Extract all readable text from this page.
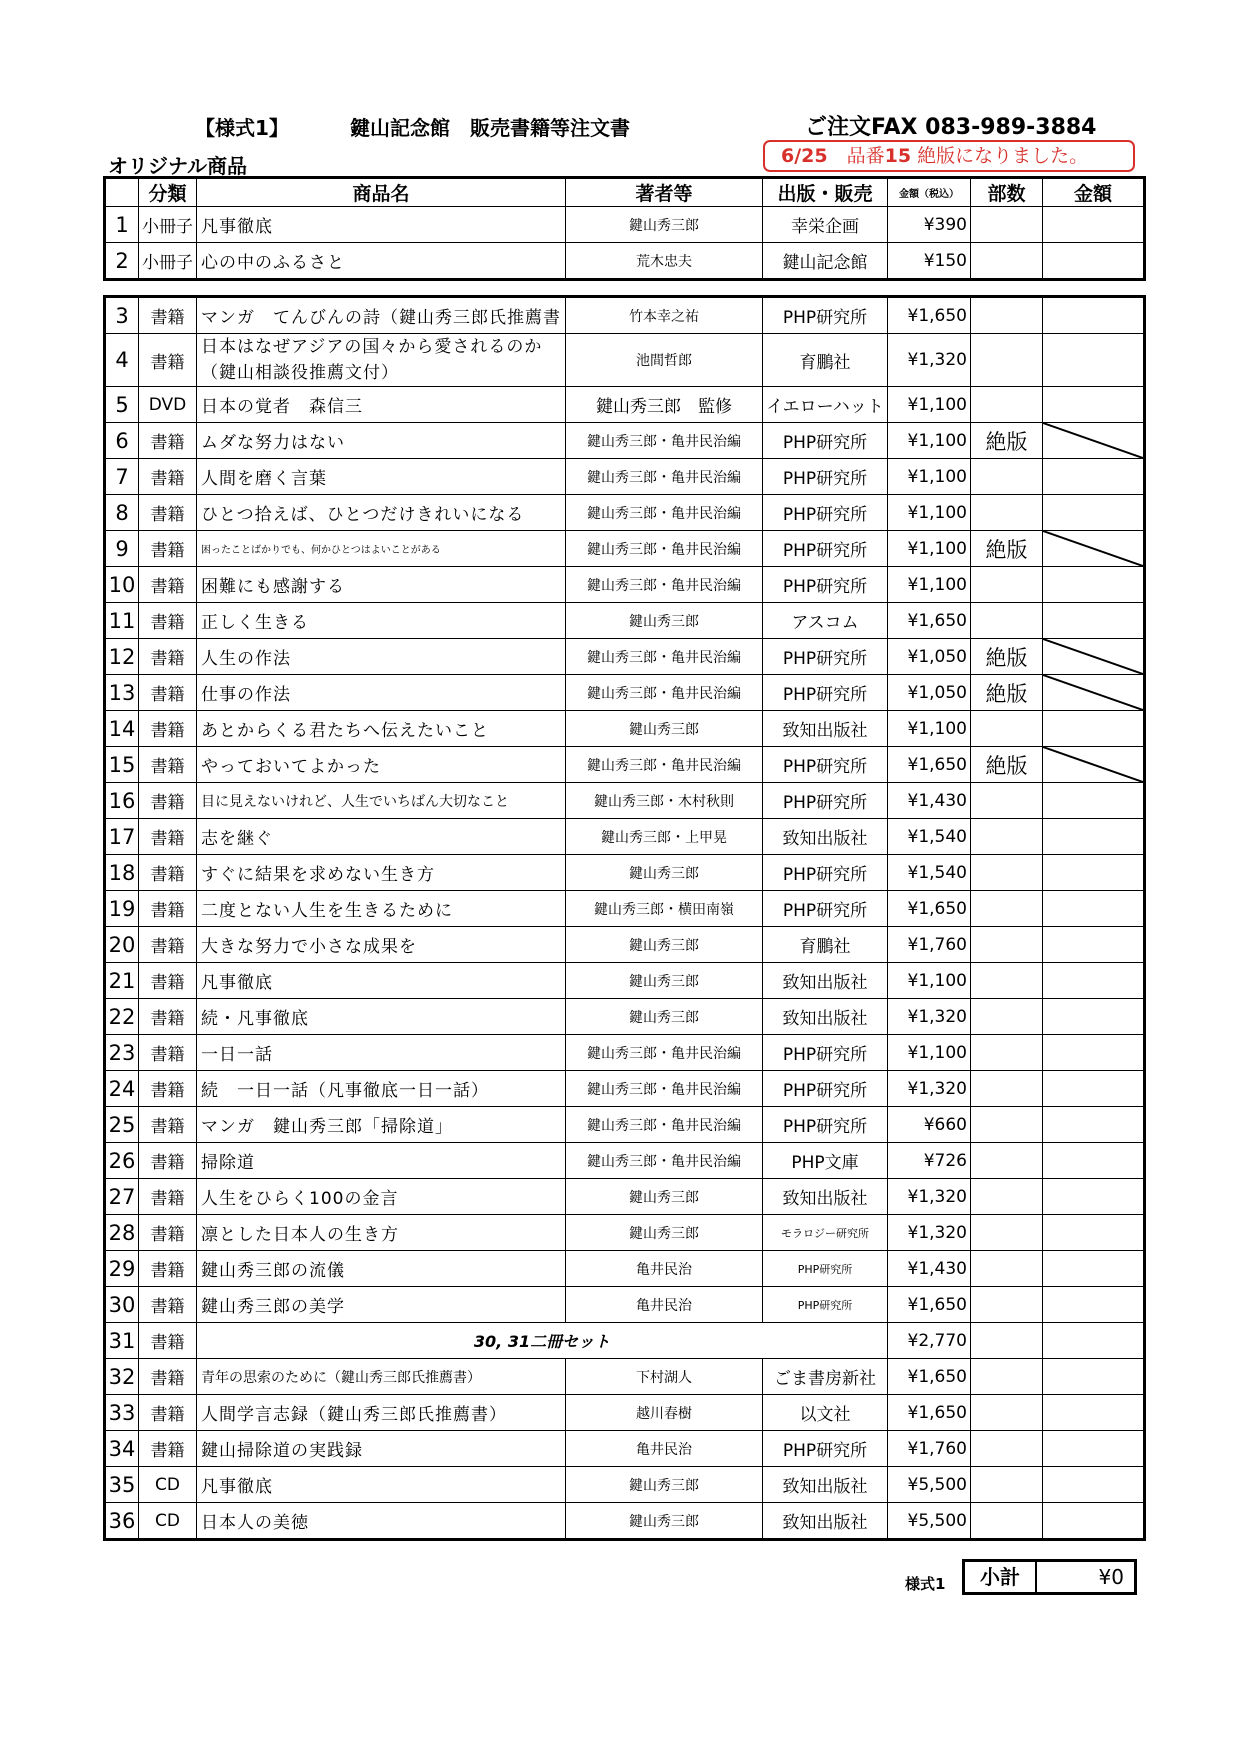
【様式1】	鍵山記念館　販売書籍等注文書	ご注文FAX 083-989-3884
6/25　 品番15 絶版になりました。
オリジナル商品
	分類	商品名	著者等	出版・販売	金額（税込）	部数	金額
1	小冊子	凡事徹底	鍵山秀三郎	幸栄企画	¥390		
2	小冊子	心の中のふるさと	荒木忠夫	鍵山記念館	¥150		
3	書籍	マンガ　てんびんの詩（鍵山秀三郎氏推薦書	竹本幸之祐	PHP研究所	¥1,650		
4	書籍	日本はなぜアジアの国々から愛されるのか
（鍵山相談役推薦文付）	池間哲郎	育鵬社	¥1,320		
5	DVD	日本の覚者　森信三	鍵山秀三郎　監修	イエローハット	¥1,100		
6	書籍	ムダな努力はない	鍵山秀三郎・亀井民治編	PHP研究所	¥1,100	絶版	

7	書籍	人間を磨く言葉	鍵山秀三郎・亀井民治編	PHP研究所	¥1,100		
8	書籍	ひとつ拾えば、ひとつだけきれいになる	鍵山秀三郎・亀井民治編	PHP研究所	¥1,100		
9	書籍	困ったことばかりでも、何かひとつはよいことがある	鍵山秀三郎・亀井民治編	PHP研究所	¥1,100	絶版	

10	書籍	困難にも感謝する	鍵山秀三郎・亀井民治編	PHP研究所	¥1,100		
11	書籍	正しく生きる	鍵山秀三郎	アスコム	¥1,650		
12	書籍	人生の作法	鍵山秀三郎・亀井民治編	PHP研究所	¥1,050	絶版	

13	書籍	仕事の作法	鍵山秀三郎・亀井民治編	PHP研究所	¥1,050	絶版	

14	書籍	あとからくる君たちへ伝えたいこと	鍵山秀三郎	致知出版社	¥1,100		
15	書籍	やっておいてよかった	鍵山秀三郎・亀井民治編	PHP研究所	¥1,650	絶版	

16	書籍	目に見えないけれど、人生でいちばん大切なこと	鍵山秀三郎・木村秋則	PHP研究所	¥1,430		
17	書籍	志を継ぐ	鍵山秀三郎・上甲晃	致知出版社	¥1,540		
18	書籍	すぐに結果を求めない生き方	鍵山秀三郎	PHP研究所	¥1,540		
19	書籍	二度とない人生を生きるために	鍵山秀三郎・横田南嶺	PHP研究所	¥1,650		
20	書籍	大きな努力で小さな成果を	鍵山秀三郎	育鵬社	¥1,760		
21	書籍	凡事徹底	鍵山秀三郎	致知出版社	¥1,100		
22	書籍	続・凡事徹底	鍵山秀三郎	致知出版社	¥1,320		
23	書籍	一日一話	鍵山秀三郎・亀井民治編	PHP研究所	¥1,100		
24	書籍	続　一日一話（凡事徹底一日一話）	鍵山秀三郎・亀井民治編	PHP研究所	¥1,320		
25	書籍	マンガ　鍵山秀三郎「掃除道」	鍵山秀三郎・亀井民治編	PHP研究所	¥660		
26	書籍	掃除道	鍵山秀三郎・亀井民治編	PHP文庫	¥726		
27	書籍	人生をひらく100の金言	鍵山秀三郎	致知出版社	¥1,320		
28	書籍	凛とした日本人の生き方	鍵山秀三郎	モラロジー研究所	¥1,320		
29	書籍	鍵山秀三郎の流儀	亀井民治	PHP研究所	¥1,430		
30	書籍	鍵山秀三郎の美学	亀井民治	PHP研究所	¥1,650		
31	書籍	30, 31二冊セット			¥2,770		
32	書籍	青年の思索のために（鍵山秀三郎氏推薦書）	下村湖人	ごま書房新社	¥1,650		
33	書籍	人間学言志録（鍵山秀三郎氏推薦書）	越川春樹	以文社	¥1,650		
34	書籍	鍵山掃除道の実践録	亀井民治	PHP研究所	¥1,760		
35	CD	凡事徹底	鍵山秀三郎	致知出版社	¥5,500		
36	CD	日本人の美徳	鍵山秀三郎	致知出版社	¥5,500		
様式1	小計	¥0
